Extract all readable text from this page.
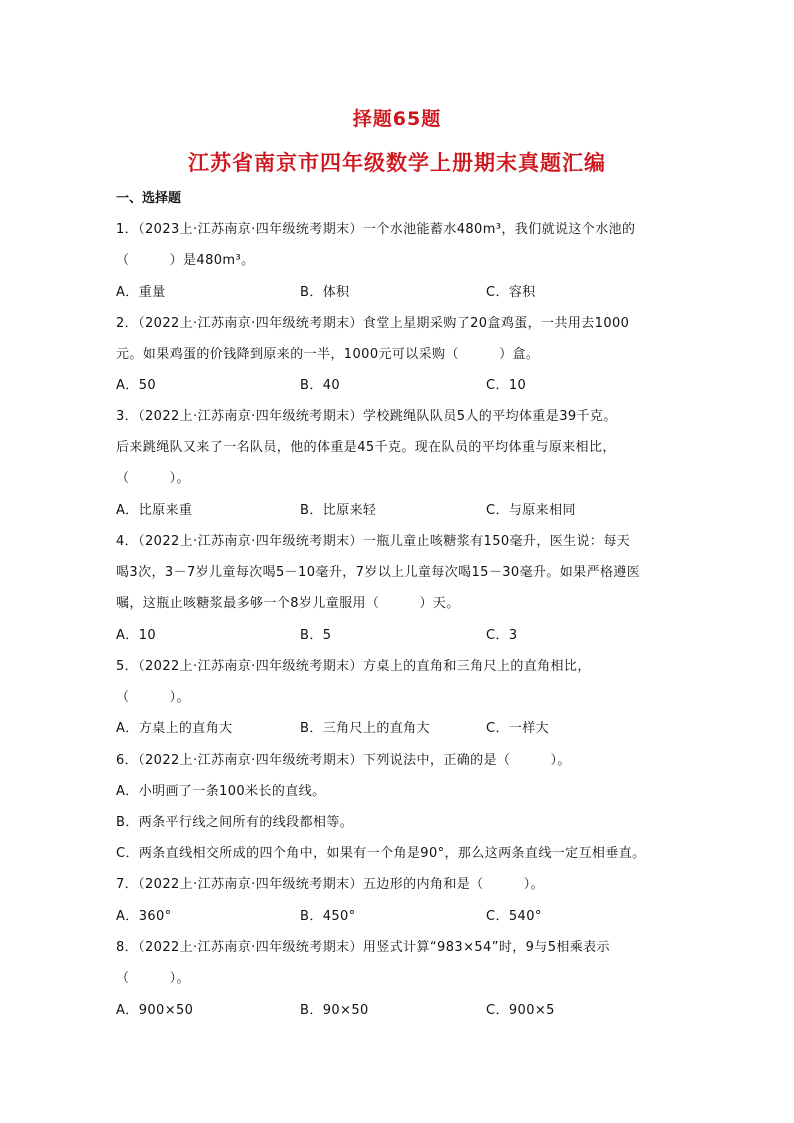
择题65题
江苏省南京市四年级数学上册期末真题汇编
一、选择题
1．（2023上·江苏南京·四年级统考期末）一个水池能蓄水480m³，我们就说这个水池的
（　　　）是480m³。
A．重量	B．体积	C．容积
2．（2022上·江苏南京·四年级统考期末）食堂上星期采购了20盒鸡蛋，一共用去1000
元。如果鸡蛋的价钱降到原来的一半，1000元可以采购（　　　）盒。
A．50	B．40	C．10
3．（2022上·江苏南京·四年级统考期末）学校跳绳队队员5人的平均体重是39千克。
后来跳绳队又来了一名队员，他的体重是45千克。现在队员的平均体重与原来相比，
（　　　）。
A．比原来重	B．比原来轻	C．与原来相同
4．（2022上·江苏南京·四年级统考期末）一瓶儿童止咳糖浆有150毫升，医生说：每天
喝3次，3－7岁儿童每次喝5－10毫升，7岁以上儿童每次喝15－30毫升。如果严格遵医
嘱，这瓶止咳糖浆最多够一个8岁儿童服用（　　　）天。
A．10	B．5	C．3
5．（2022上·江苏南京·四年级统考期末）方桌上的直角和三角尺上的直角相比，
（　　　）。
A．方桌上的直角大	B．三角尺上的直角大	C．一样大
6．（2022上·江苏南京·四年级统考期末）下列说法中，正确的是（　　　）。
A．小明画了一条100米长的直线。
B．两条平行线之间所有的线段都相等。
C．两条直线相交所成的四个角中，如果有一个角是90°，那么这两条直线一定互相垂直。
7．（2022上·江苏南京·四年级统考期末）五边形的内角和是（　　　）。
A．360°	B．450°	C．540°
8．（2022上·江苏南京·四年级统考期末）用竖式计算“983×54”时，9与5相乘表示
（　　　）。
A．900×50	B．90×50	C．900×5
